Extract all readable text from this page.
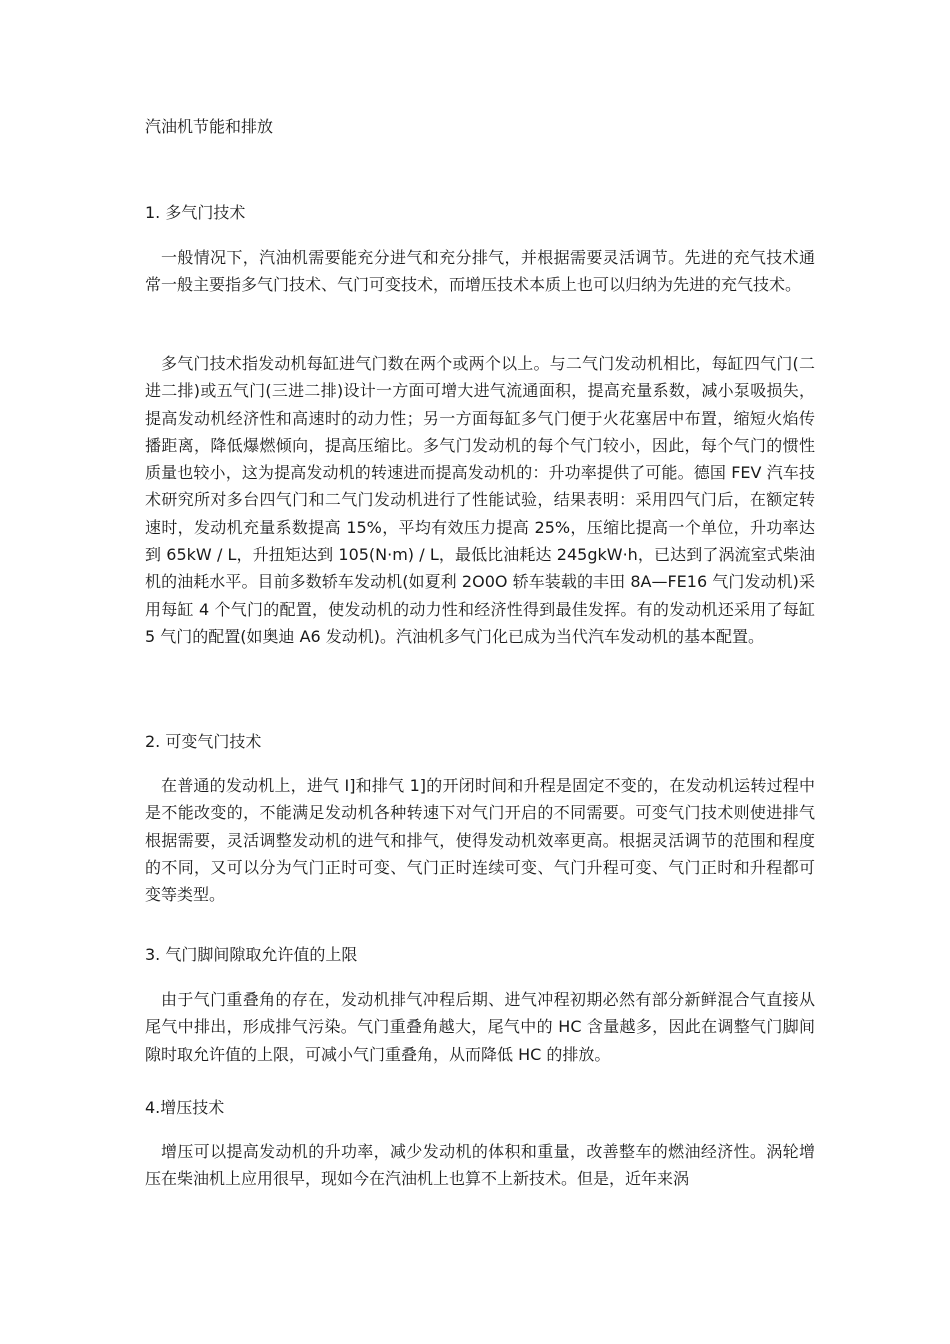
汽油机节能和排放
1. 多气门技术

一般情况下，汽油机需要能充分进气和充分排气，并根据需要灵活调节。先进的充气技术通常一般主要指多气门技术、气门可变技术，而增压技术本质上也可以归纳为先进的充气技术。

多气门技术指发动机每缸进气门数在两个或两个以上。与二气门发动机相比，每缸四气门(二进二排)或五气门(三进二排)设计一方面可增大进气流通面积，提高充量系数，减小泵吸损失，提高发动机经济性和高速时的动力性；另一方面每缸多气门便于火花塞居中布置，缩短火焰传播距离，降低爆燃倾向，提高压缩比。多气门发动机的每个气门较小，因此，每个气门的惯性质量也较小，这为提高发动机的转速进而提高发动机的：升功率提供了可能。德国 FEV 汽车技术研究所对多台四气门和二气门发动机进行了性能试验，结果表明：采用四气门后，在额定转速时，发动机充量系数提高 15%，平均有效压力提高 25%，压缩比提高一个单位，升功率达到 65kW / L，升扭矩达到 105(N·m) / L，最低比油耗达 245gkW·h，已达到了涡流室式柴油机的油耗水平。目前多数轿车发动机(如夏利 2O0O 轿车装载的丰田 8A—FE16 气门发动机)采用每缸 4 个气门的配置，使发动机的动力性和经济性得到最佳发挥。有的发动机还采用了每缸 5 气门的配置(如奥迪 A6 发动机)。汽油机多气门化已成为当代汽车发动机的基本配置。

2. 可变气门技术

在普通的发动机上，进气 I]和排气 1]的开闭时间和升程是固定不变的，在发动机运转过程中是不能改变的，不能满足发动机各种转速下对气门开启的不同需要。可变气门技术则使进排气根据需要，灵活调整发动机的进气和排气，使得发动机效率更高。根据灵活调节的范围和程度的不同，又可以分为气门正时可变、气门正时连续可变、气门升程可变、气门正时和升程都可变等类型。

3. 气门脚间隙取允许值的上限

由于气门重叠角的存在，发动机排气冲程后期、进气冲程初期必然有部分新鲜混合气直接从尾气中排出，形成排气污染。气门重叠角越大，尾气中的 HC 含量越多，因此在调整气门脚间隙时取允许值的上限，可减小气门重叠角，从而降低 HC 的排放。

4.增压技术

增压可以提高发动机的升功率，减少发动机的体积和重量，改善整车的燃油经济性。涡轮增压在柴油机上应用很早，现如今在汽油机上也算不上新技术。但是，近年来涡
